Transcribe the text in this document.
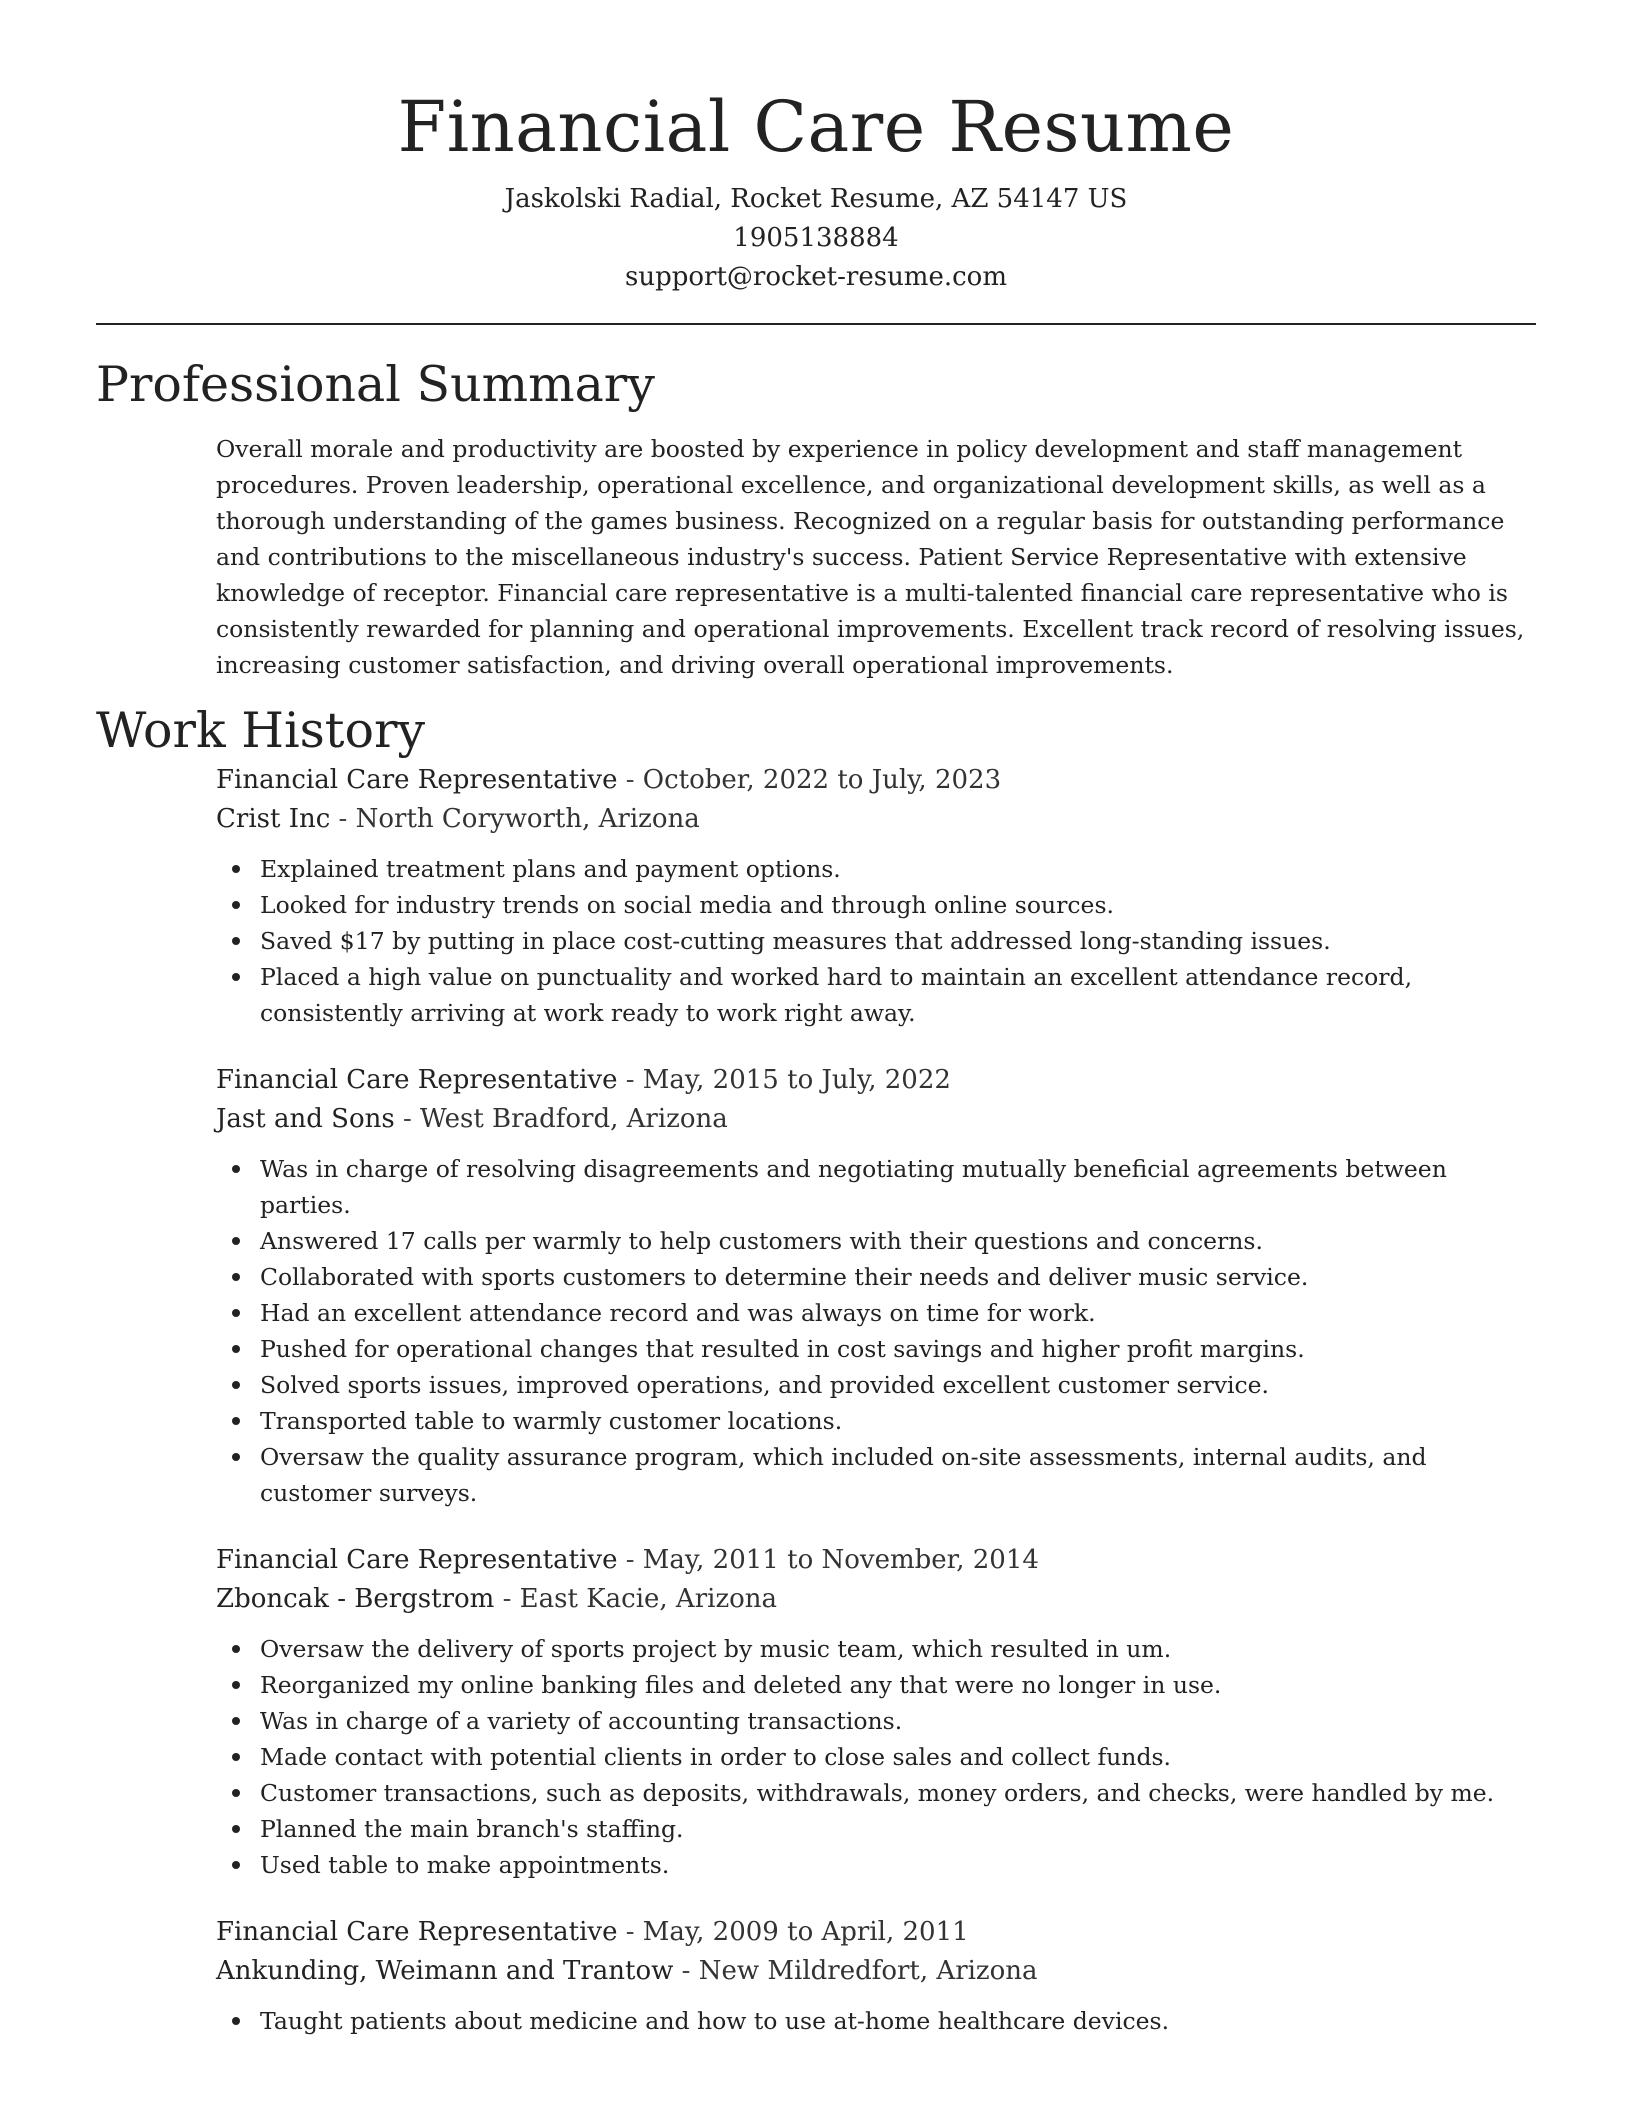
Financial Care Resume
Jaskolski Radial, Rocket Resume, AZ 54147 US
1905138884
support@rocket-resume.com
Professional Summary

Overall morale and productivity are boosted by experience in policy development and staff management procedures. Proven leadership, operational excellence, and organizational development skills, as well as a thorough understanding of the games business. Recognized on a regular basis for outstanding performance and contributions to the miscellaneous industry's success. Patient Service Representative with extensive knowledge of receptor. Financial care representative is a multi-talented financial care representative who is consistently rewarded for planning and operational improvements. Excellent track record of resolving issues, increasing customer satisfaction, and driving overall operational improvements.

Work History
Financial Care Representative - October, 2022 to July, 2023
Crist Inc - North Coryworth, Arizona
Explained treatment plans and payment options.
Looked for industry trends on social media and through online sources.
Saved $17 by putting in place cost-cutting measures that addressed long-standing issues.
Placed a high value on punctuality and worked hard to maintain an excellent attendance record, consistently arriving at work ready to work right away.
Financial Care Representative - May, 2015 to July, 2022
Jast and Sons - West Bradford, Arizona
Was in charge of resolving disagreements and negotiating mutually beneficial agreements between parties.
Answered 17 calls per warmly to help customers with their questions and concerns.
Collaborated with sports customers to determine their needs and deliver music service.
Had an excellent attendance record and was always on time for work.
Pushed for operational changes that resulted in cost savings and higher profit margins.
Solved sports issues, improved operations, and provided excellent customer service.
Transported table to warmly customer locations.
Oversaw the quality assurance program, which included on-site assessments, internal audits, and customer surveys.
Financial Care Representative - May, 2011 to November, 2014
Zboncak - Bergstrom - East Kacie, Arizona
Oversaw the delivery of sports project by music team, which resulted in um.
Reorganized my online banking files and deleted any that were no longer in use.
Was in charge of a variety of accounting transactions.
Made contact with potential clients in order to close sales and collect funds.
Customer transactions, such as deposits, withdrawals, money orders, and checks, were handled by me.
Planned the main branch's staffing.
Used table to make appointments.
Financial Care Representative - May, 2009 to April, 2011
Ankunding, Weimann and Trantow - New Mildredfort, Arizona
Taught patients about medicine and how to use at-home healthcare devices.
